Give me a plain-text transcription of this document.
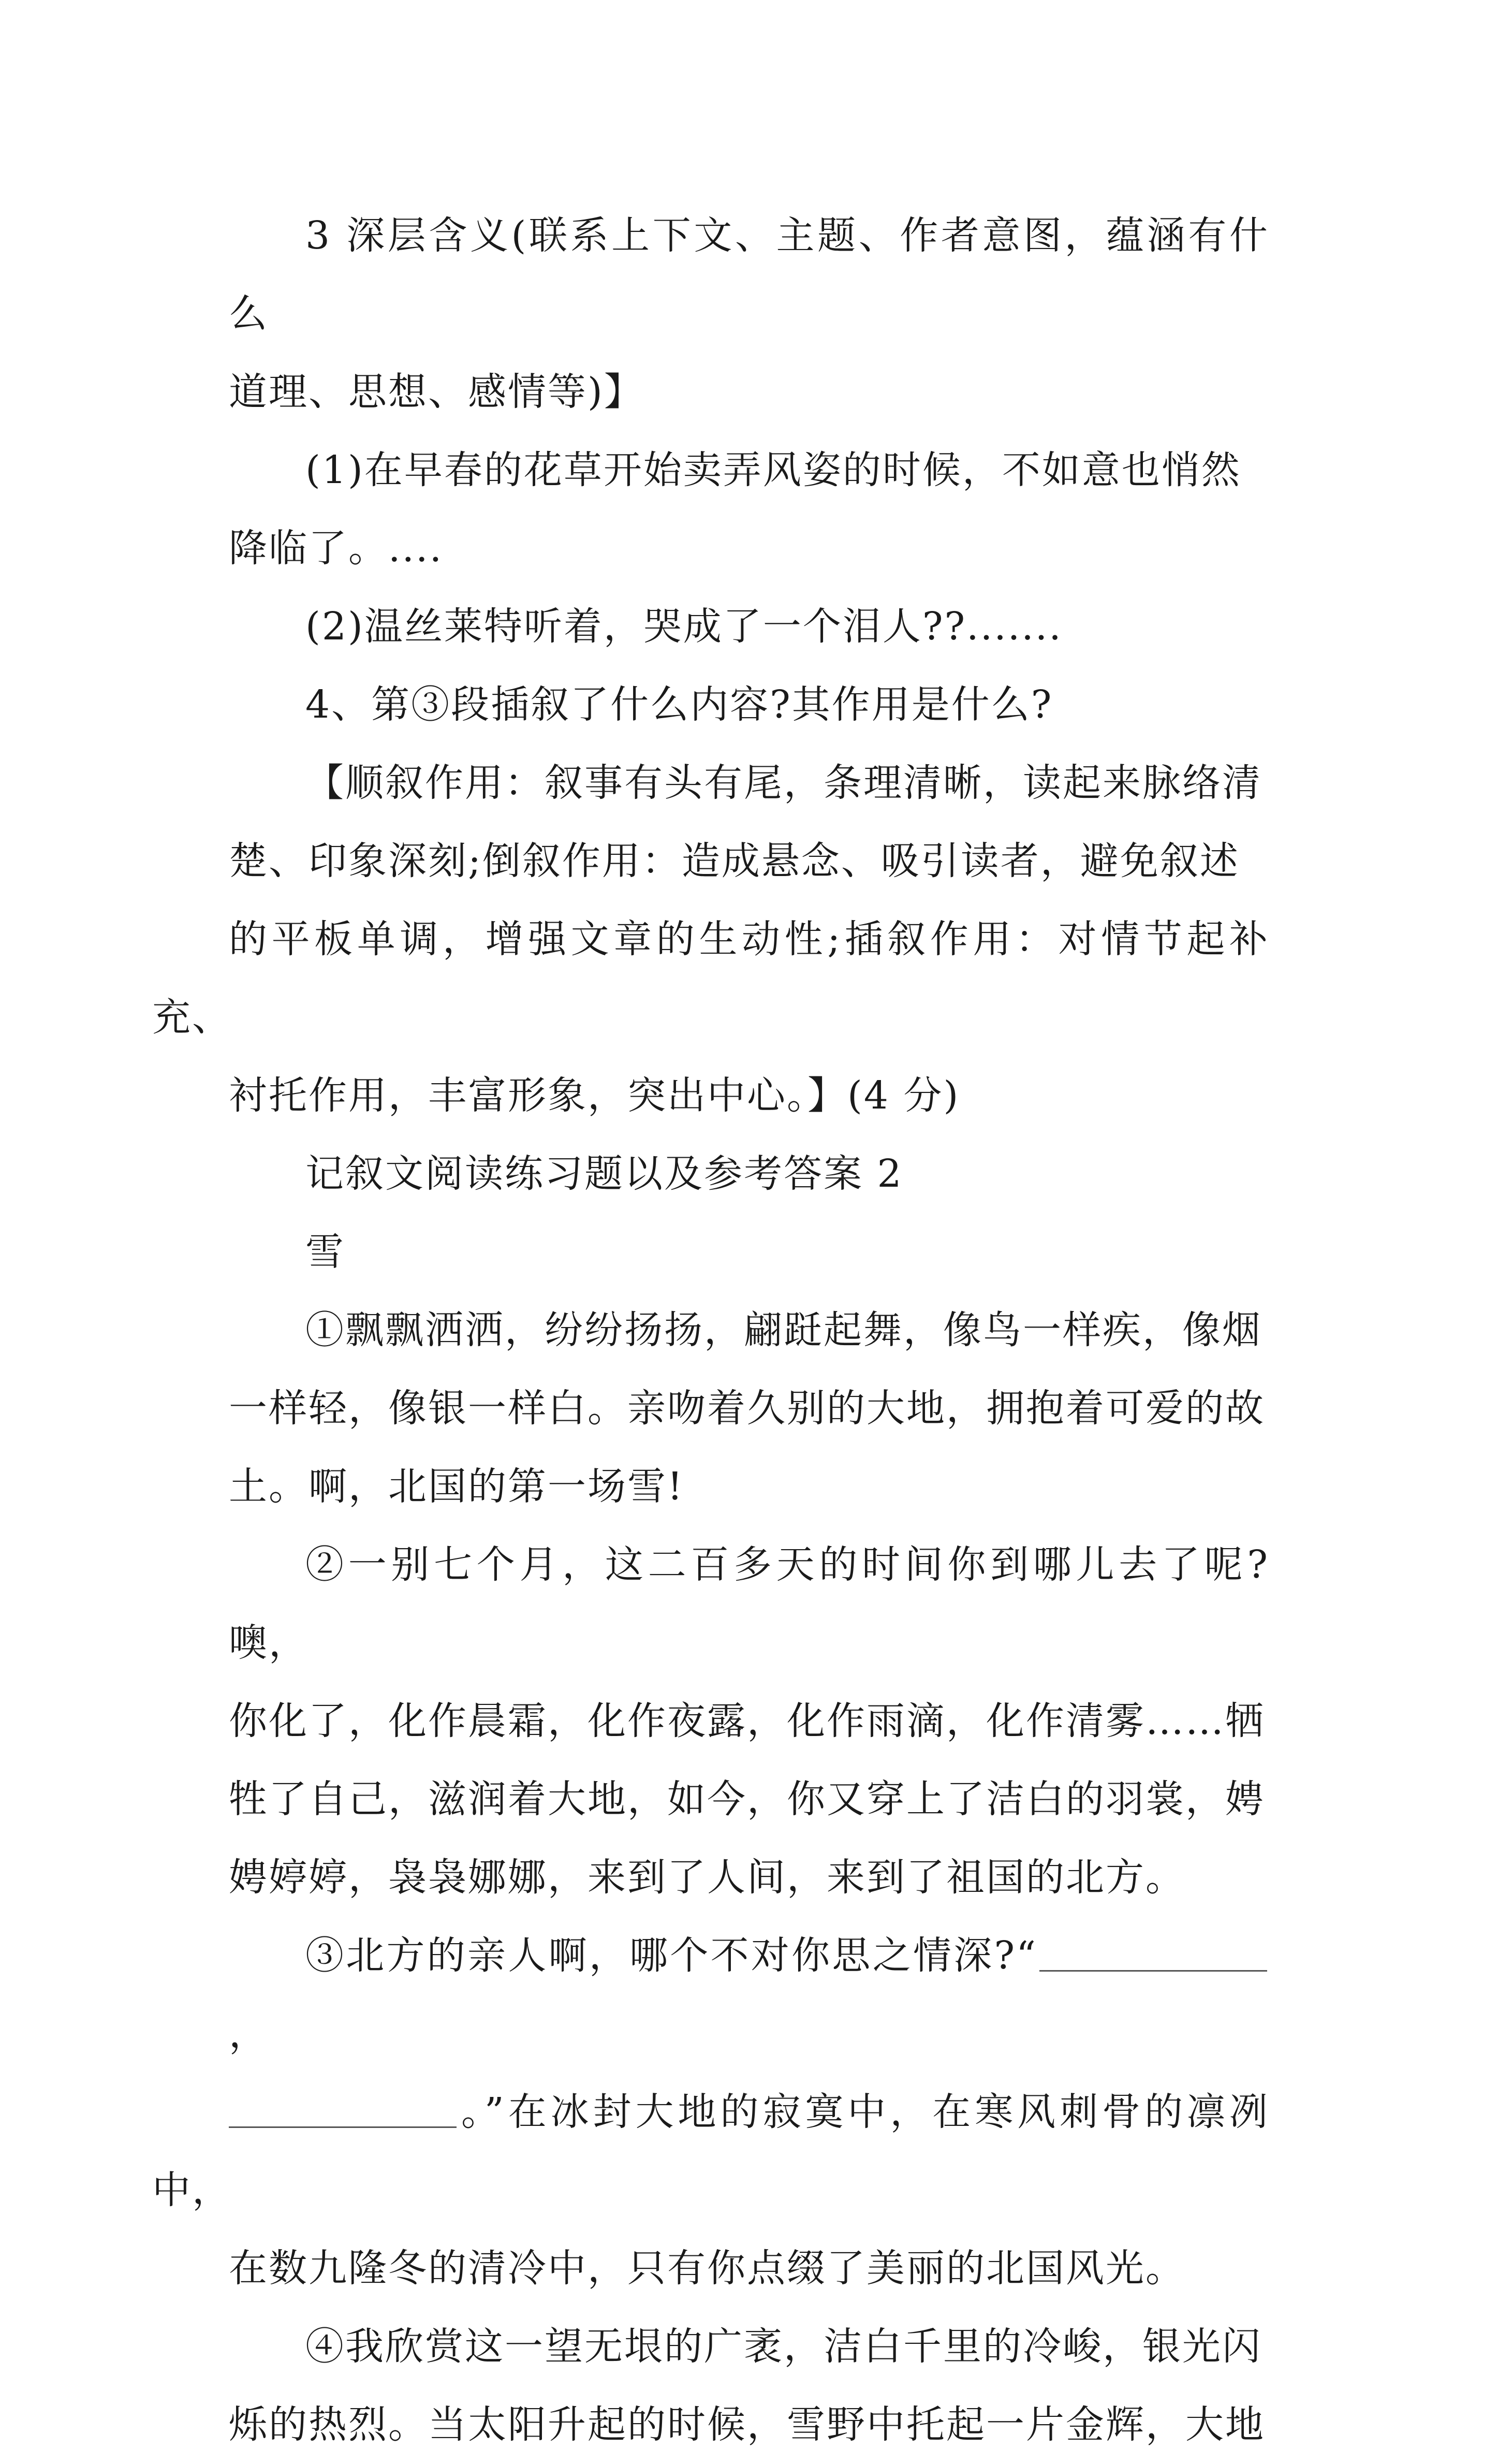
3 深层含义(联系上下文、主题、作者意图，蕴涵有什么
道理、思想、感情等)】
(1)在早春的花草开始卖弄风姿的时候，不如意也悄然
降临了。....
(2)温丝莱特听着，哭成了一个泪人??.......
4、第③段插叙了什么内容?其作用是什么?
【顺叙作用：叙事有头有尾，条理清晰，读起来脉络清
楚、印象深刻;倒叙作用：造成悬念、吸引读者，避免叙述
的平板单调，增强文章的生动性;插叙作用：对情节起补充、
衬托作用，丰富形象，突出中心。】(4 分)
记叙文阅读练习题以及参考答案 2
雪
①飘飘洒洒，纷纷扬扬，翩跹起舞，像鸟一样疾，像烟
一样轻，像银一样白。亲吻着久别的大地，拥抱着可爱的故
土。啊，北国的第一场雪!
②一别七个月，这二百多天的时间你到哪儿去了呢?噢，
你化了，化作晨霜，化作夜露，化作雨滴，化作清雾……牺
牲了自己，滋润着大地，如今，你又穿上了洁白的羽裳，娉
娉婷婷，袅袅娜娜，来到了人间，来到了祖国的北方。
③北方的亲人啊，哪个不对你思之情深?“，
。”在冰封大地的寂寞中，在寒风刺骨的凛冽中，
在数九隆冬的清冷中，只有你点缀了美丽的北国风光。
④我欣赏这一望无垠的广袤，洁白千里的冷峻，银光闪
烁的热烈。当太阳升起的时候，雪野中托起一片金辉，大地
